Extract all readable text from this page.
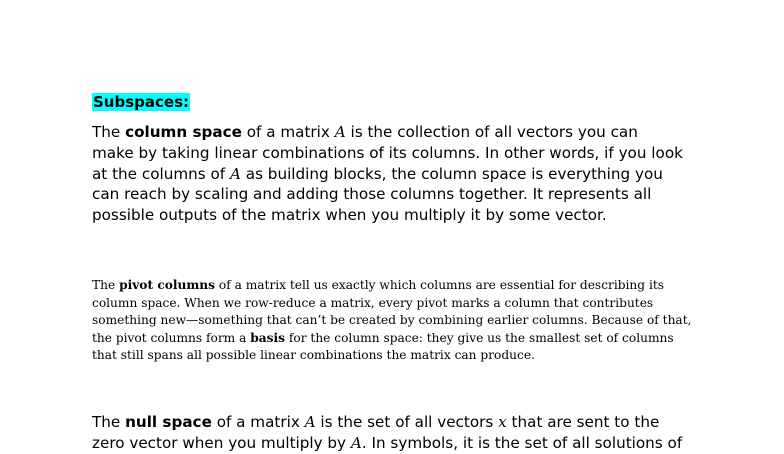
Subspaces:
The column space of a matrix A is the collection of all vectors you can
make by taking linear combinations of its columns. In other words, if you look
at the columns of A as building blocks, the column space is everything you
can reach by scaling and adding those columns together. It represents all
possible outputs of the matrix when you multiply it by some vector.
The pivot columns of a matrix tell us exactly which columns are essential for describing its
column space. When we row-reduce a matrix, every pivot marks a column that contributes
something new—something that can’t be created by combining earlier columns. Because of that,
the pivot columns form a basis for the column space: they give us the smallest set of columns
that still spans all possible linear combinations the matrix can produce.
The null space of a matrix A is the set of all vectors x that are sent to the
zero vector when you multiply by A. In symbols, it is the set of all solutions of
